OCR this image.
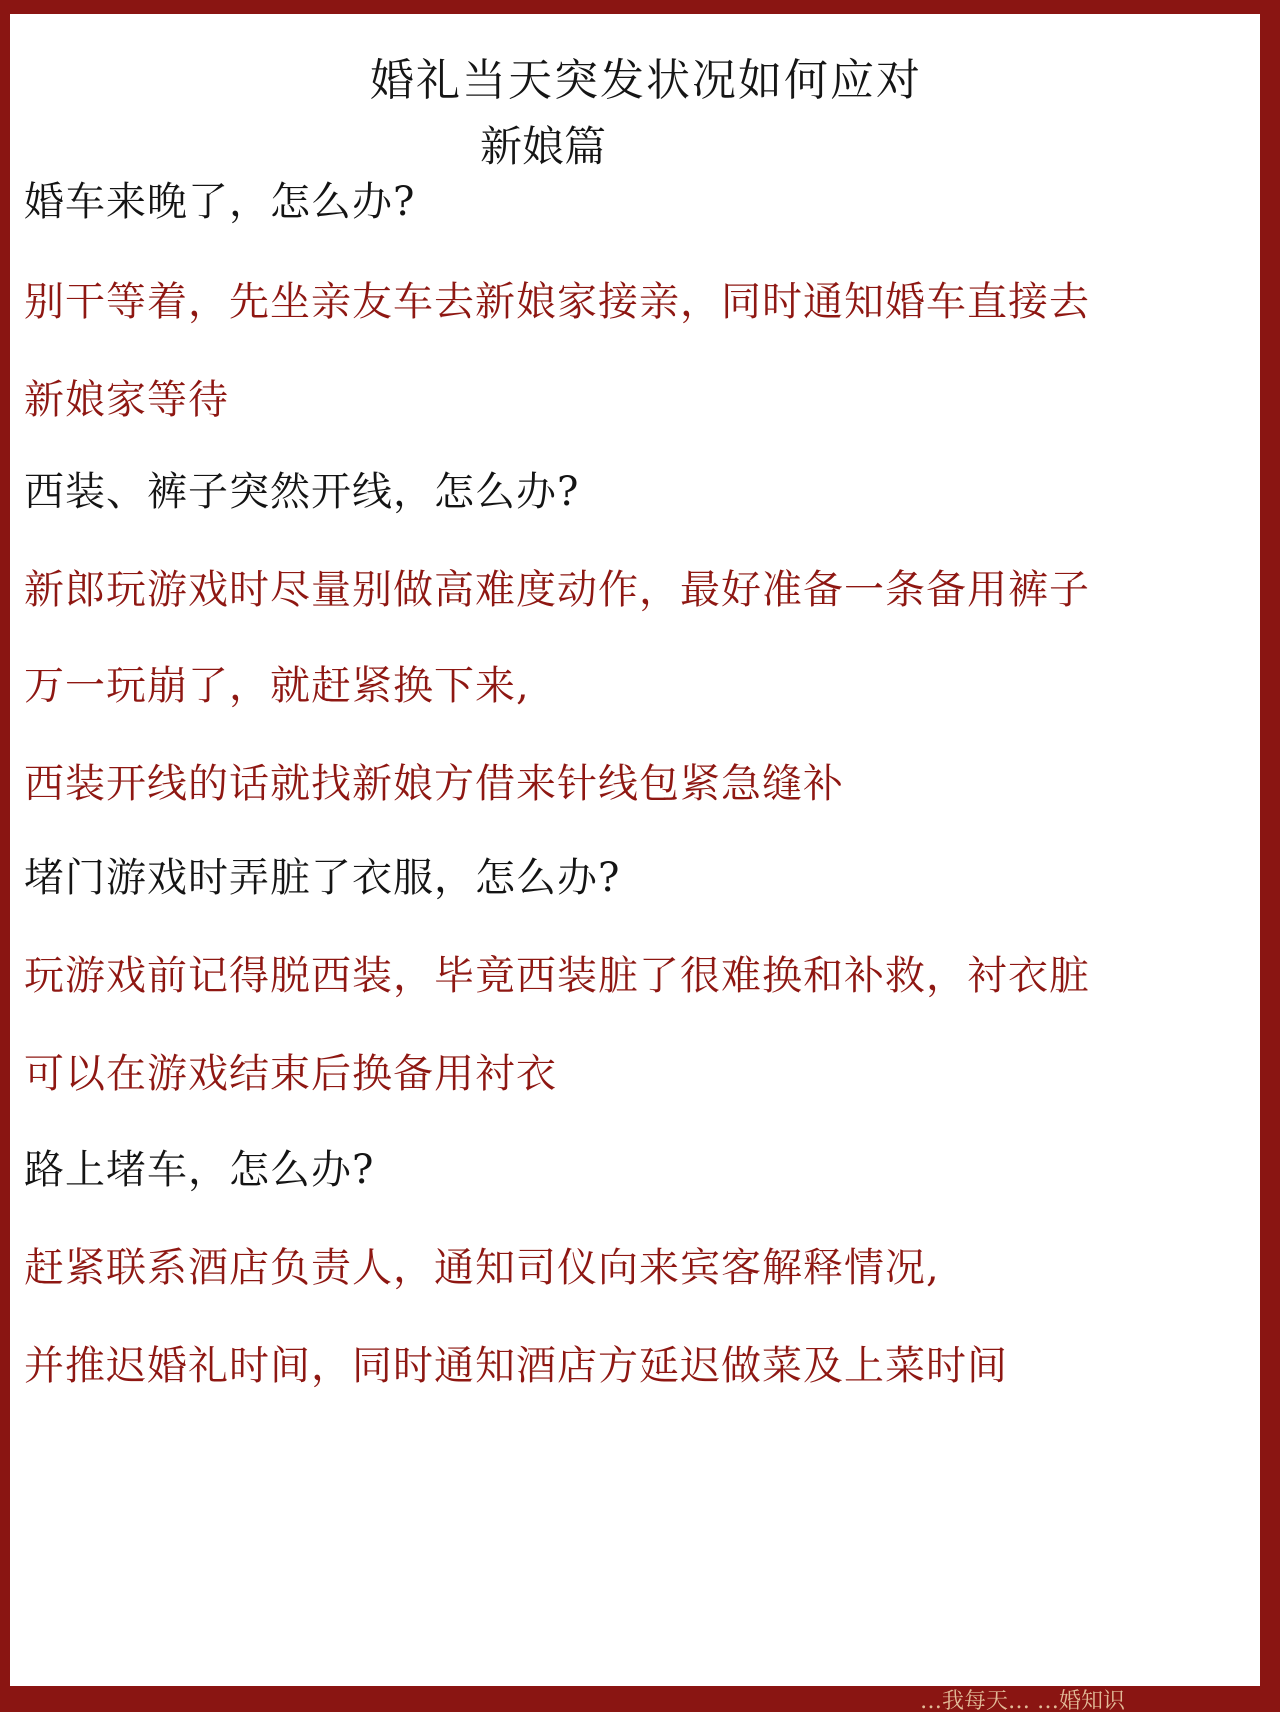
婚礼当天突发状况如何应对
新娘篇
婚车来晚了，怎么办?
别干等着，先坐亲友车去新娘家接亲，同时通知婚车直接去
新娘家等待
西装、裤子突然开线，怎么办?
新郎玩游戏时尽量别做高难度动作，最好准备一条备用裤子
万一玩崩了，就赶紧换下来,
西装开线的话就找新娘方借来针线包紧急缝补
堵门游戏时弄脏了衣服，怎么办?
玩游戏前记得脱西装，毕竟西装脏了很难换和补救，衬衣脏
可以在游戏结束后换备用衬衣
路上堵车，怎么办?
赶紧联系酒店负责人，通知司仪向来宾客解释情况,
并推迟婚礼时间，同时通知酒店方延迟做菜及上菜时间
…我每天… …婚知识
